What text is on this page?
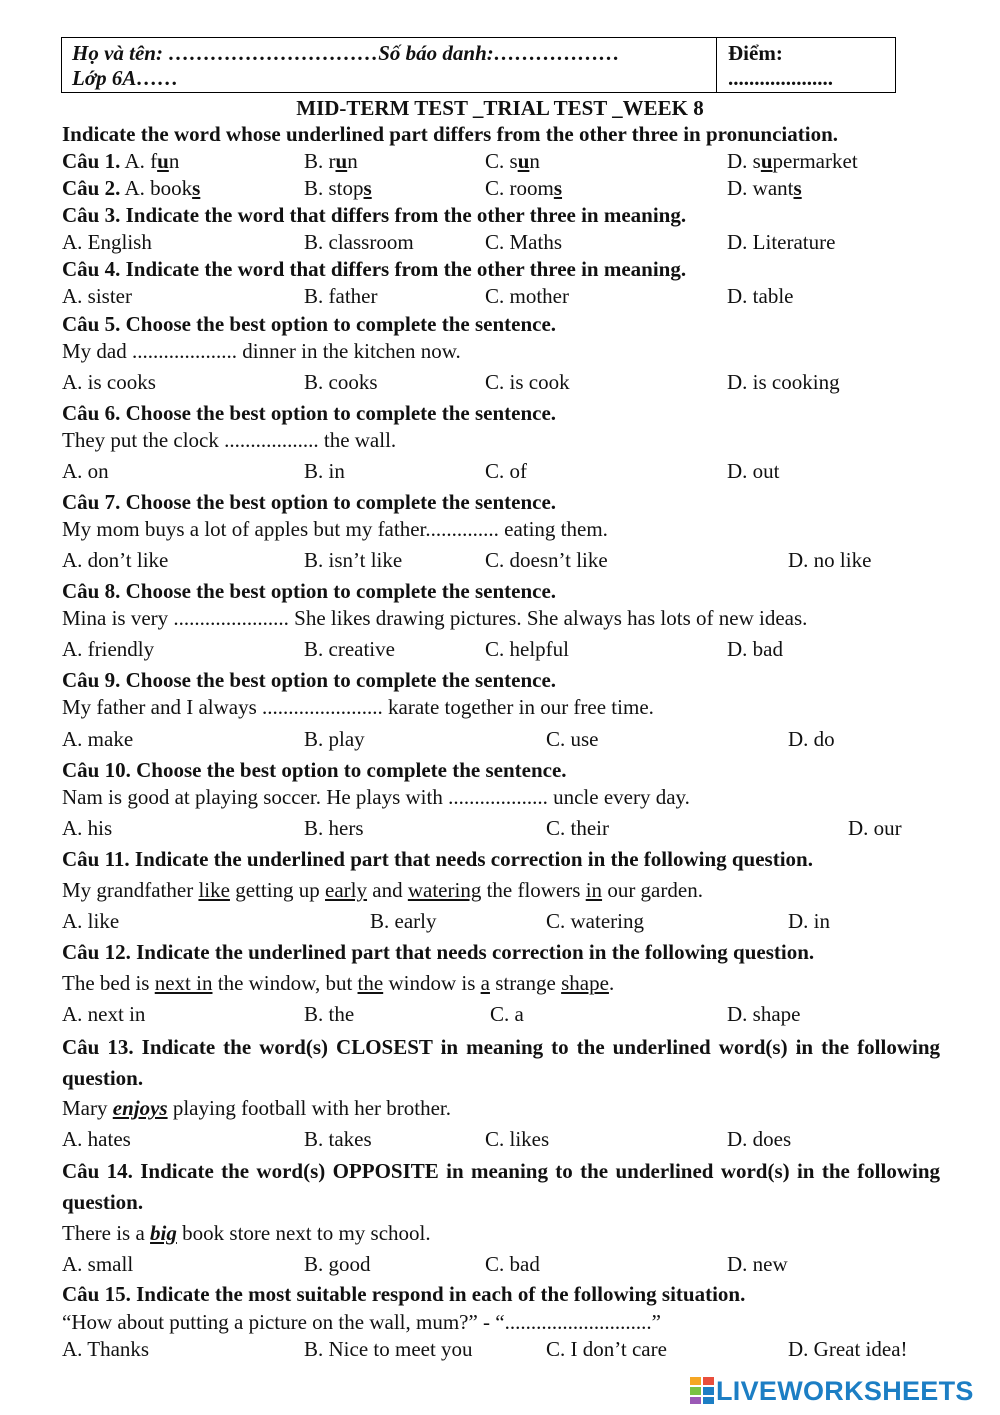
Họ và tên: …………………………Số báo danh:………………
Lớp 6A……
Điểm:
....................
MID-TERM TEST _TRIAL TEST _WEEK 8
Indicate the word whose underlined part differs from the other three in pronunciation.
Câu 1. A. fun	B. run	C. sun	D. supermarket
Câu 2. A. books	B. stops	C. rooms	D. wants
Câu 3. Indicate the word that differs from the other three in meaning.
A. English	B. classroom	C. Maths	D. Literature
Câu 4. Indicate the word that differs from the other three in meaning.
A. sister	B. father	C. mother	D. table
Câu 5. Choose the best option to complete the sentence.
My dad .................... dinner in the kitchen now.
A. is cooks	B. cooks	C. is cook	D. is cooking
Câu 6. Choose the best option to complete the sentence.
They put the clock .................. the wall.
A. on	B. in	C. of	D. out
Câu 7. Choose the best option to complete the sentence.
My mom buys a lot of apples but my father.............. eating them.
A. don’t like	B. isn’t like	C. doesn’t like	D. no like
Câu 8. Choose the best option to complete the sentence.
Mina is very ...................... She likes drawing pictures. She always has lots of new ideas.
A. friendly	B. creative	C. helpful	D. bad
Câu 9. Choose the best option to complete the sentence.
My father and I always ....................... karate together in our free time.
A. make	B. play	C. use	D. do
Câu 10. Choose the best option to complete the sentence.
Nam is good at playing soccer. He plays with ................... uncle every day.
A. his	B. hers	C. their	D. our
Câu 11. Indicate the underlined part that needs correction in the following question.
My grandfather like getting up early and watering the flowers in our garden.
A. like	B. early	C. watering	D. in
Câu 12. Indicate the underlined part that needs correction in the following question.
The bed is next in the window, but the window is a strange shape.
A. next in	B. the	C. a	D. shape
Câu 13. Indicate the word(s) CLOSEST in meaning to the underlined word(s) in the following question.
Mary enjoys playing football with her brother.
A. hates	B. takes	C. likes	D. does
Câu 14. Indicate the word(s) OPPOSITE in meaning to the underlined word(s) in the following question.
There is a big book store next to my school.
A. small	B. good	C. bad	D. new
Câu 15. Indicate the most suitable respond in each of the following situation.
“How about putting a picture on the wall, mum?” - “............................”
A. Thanks	B. Nice to meet you	C. I don’t care	D. Great idea!
LIVEWORKSHEETS
